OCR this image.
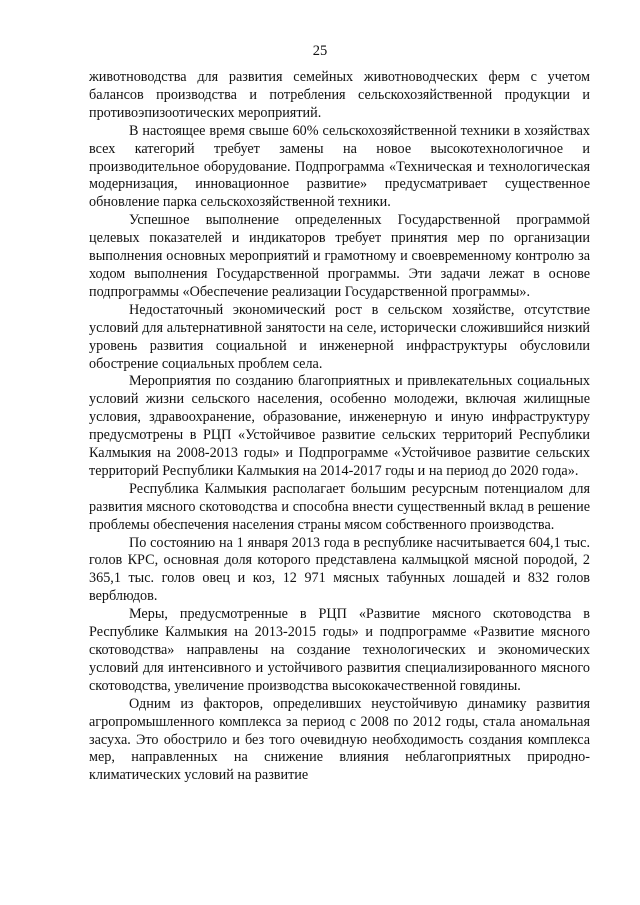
25

животноводства для развития семейных животноводческих ферм с учетом балансов производства и потребления сельскохозяйственной продукции и противоэпизоотических мероприятий.

В настоящее время свыше 60% сельскохозяйственной техники в хозяйствах всех категорий требует замены на новое высокотехнологичное и производительное оборудование. Подпрограмма «Техническая и технологическая модернизация, инновационное развитие» предусматривает существенное обновление парка сельскохозяйственной техники.

Успешное выполнение определенных Государственной программой целевых показателей и индикаторов требует принятия мер по организации выполнения основных мероприятий и грамотному и своевременному контролю за ходом выполнения Государственной программы. Эти задачи лежат в основе подпрограммы «Обеспечение реализации Государственной программы».

Недостаточный экономический рост в сельском хозяйстве, отсутствие условий для альтернативной занятости на селе, исторически сложившийся низкий уровень развития социальной и инженерной инфраструктуры обусловили обострение социальных проблем села.

Мероприятия по созданию благоприятных и привлекательных социальных условий жизни сельского населения, особенно молодежи, включая жилищные условия, здравоохранение, образование, инженерную и иную инфраструктуру предусмотрены в РЦП «Устойчивое развитие сельских территорий Республики Калмыкия на 2008-2013 годы» и Подпрограмме «Устойчивое развитие сельских территорий Республики Калмыкия на 2014-2017 годы и на период до 2020 года».

Республика Калмыкия располагает большим ресурсным потенциалом для развития мясного скотоводства и способна внести существенный вклад в решение проблемы обеспечения населения страны мясом собственного производства.

По состоянию на 1 января 2013 года в республике насчитывается 604,1 тыс. голов КРС, основная доля которого представлена калмыцкой мясной породой, 2 365,1 тыс. голов овец и коз, 12 971 мясных табунных лошадей и 832 голов верблюдов.

Меры, предусмотренные в РЦП «Развитие мясного скотоводства в Республике Калмыкия на 2013-2015 годы» и подпрограмме «Развитие мясного скотоводства» направлены на создание технологических и экономических условий для интенсивного и устойчивого развития специализированного мясного скотоводства, увеличение производства высококачественной говядины.

Одним из факторов, определивших неустойчивую динамику развития агропромышленного комплекса за период с 2008 по 2012 годы, стала аномальная засуха. Это обострило и без того очевидную необходимость создания комплекса мер, направленных на снижение влияния неблагоприятных природно-климатических условий на развитие
